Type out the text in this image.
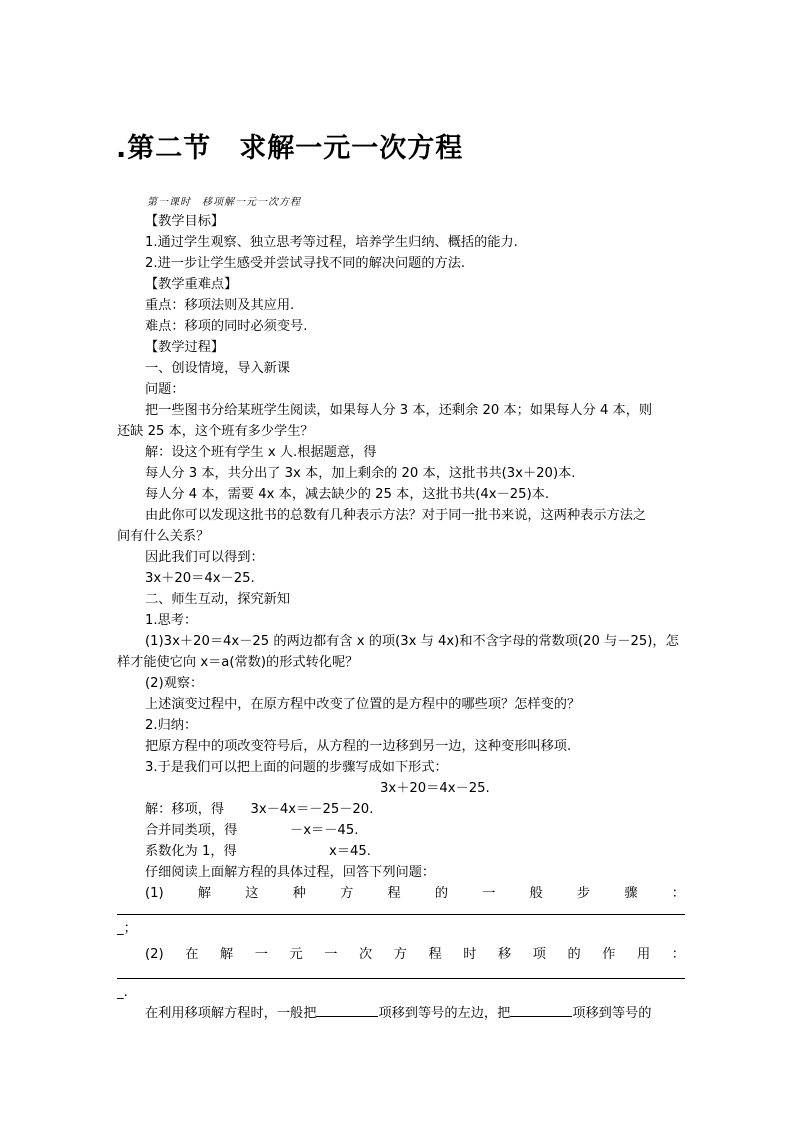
.第二节　求解一元一次方程
第一课时　移项解一元一次方程
【教学目标】
1.通过学生观察、独立思考等过程，培养学生归纳、概括的能力.
2.进一步让学生感受并尝试寻找不同的解决问题的方法.
【教学重难点】
重点：移项法则及其应用.
难点：移项的同时必须变号.
【教学过程】
一、创设情境，导入新课
问题：
把一些图书分给某班学生阅读，如果每人分 3 本，还剩余 20 本；如果每人分 4 本，则
还缺 25 本，这个班有多少学生？
解：设这个班有学生 x 人.根据题意，得
每人分 3 本，共分出了 3x 本，加上剩余的 20 本，这批书共(3x＋20)本.
每人分 4 本，需要 4x 本，减去缺少的 25 本，这批书共(4x－25)本.
由此你可以发现这批书的总数有几种表示方法？对于同一批书来说，这两种表示方法之
间有什么关系？
因此我们可以得到：
3x＋20＝4x－25.
二、师生互动，探究新知
1.思考：
(1)3x＋20＝4x－25 的两边都有含 x 的项(3x 与 4x)和不含字母的常数项(20 与－25)，怎
样才能使它向 x＝a(常数)的形式转化呢？
(2)观察：
上述演变过程中，在原方程中改变了位置的是方程中的哪些项？怎样变的？
2.归纳：
把原方程中的项改变符号后，从方程的一边移到另一边，这种变形叫移项.
3.于是我们可以把上面的问题的步骤写成如下形式：
3x＋20＝4x－25.
解：移项，得　　3x－4x＝－25－20.
合并同类项，得　　　　－x＝－45.
系数化为 1，得　　　　　　　x＝45.
仔细阅读上面解方程的具体过程，回答下列问题：
(1)	解	这	种	方	程	的	一	般	步	骤	：
_；
(2) 在 解 一 元 一 次 方 程 时 移 项 的 作 用 ：
_.
在利用移项解方程时，一般把	项移到等号的左边，把	项移到等号的
